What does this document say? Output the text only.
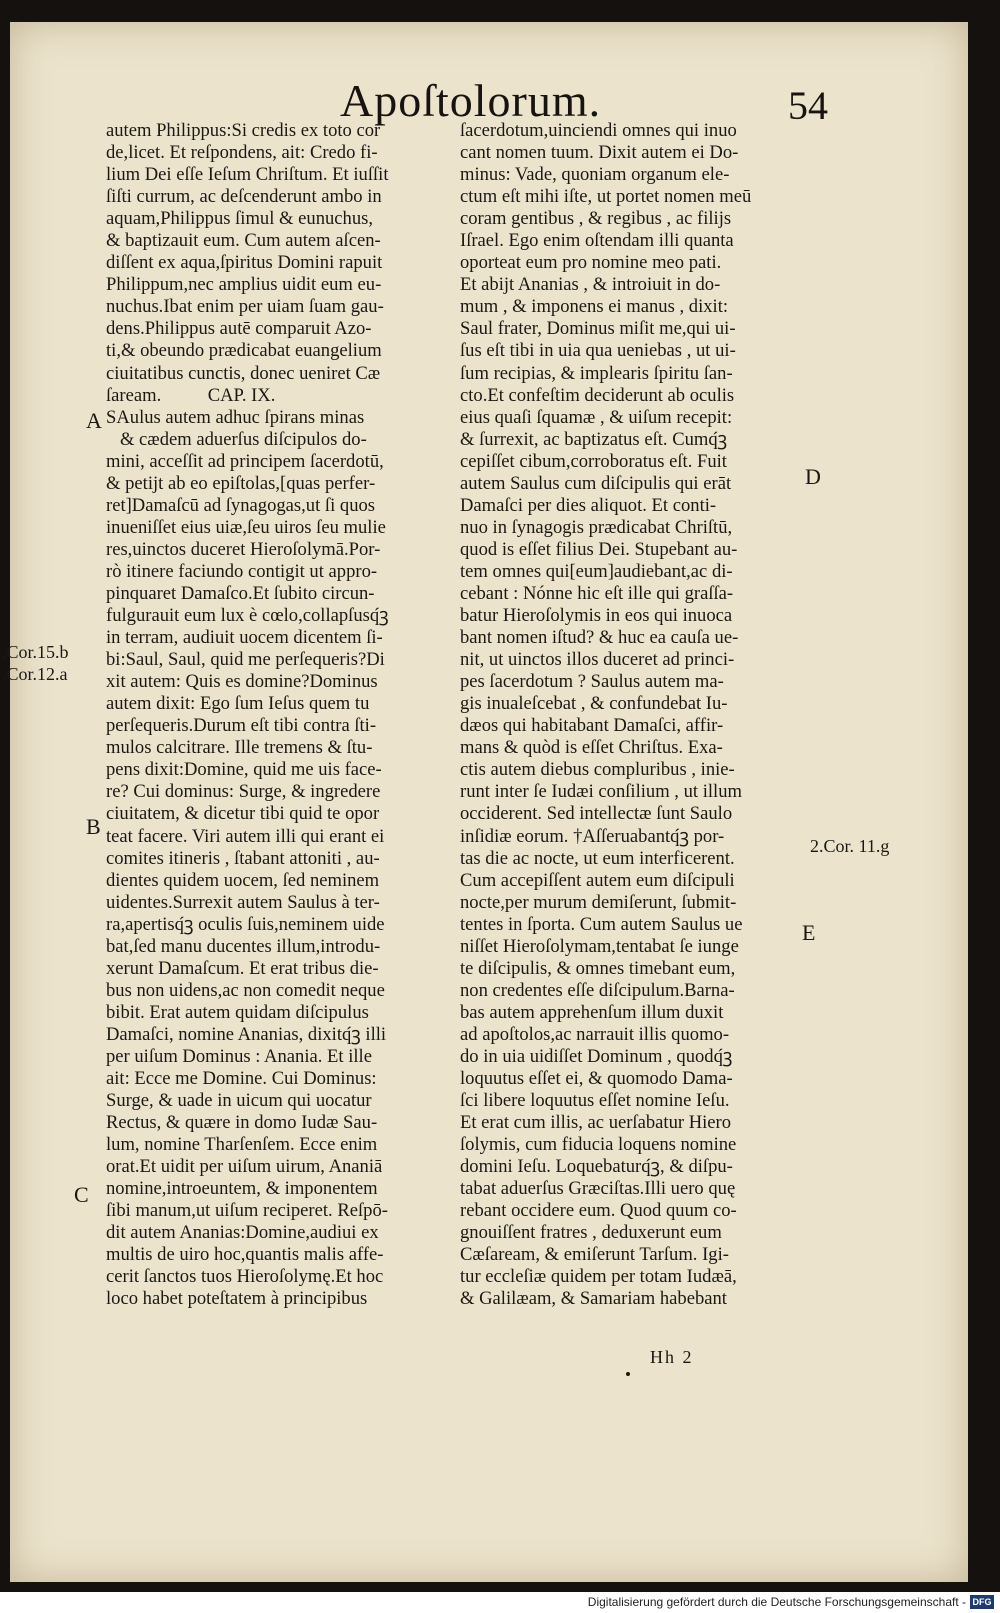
Apoſtolorum.	54
autem Philippus:Si credis ex toto cor
de,licet. Et reſpondens, ait: Credo fi-
lium Dei eſſe Ieſum Chriſtum. Et iuſſit
ſiſti currum, ac deſcenderunt ambo in
aquam,Philippus ſimul & eunuchus,
& baptizauit eum. Cum autem aſcen-
diſſent ex aqua,ſpiritus Domini rapuit
Philippum,nec amplius uidit eum eu-
nuchus.Ibat enim per uiam ſuam gau-
dens.Philippus autē comparuit Azo-
ti,& obeundo prædicabat euangelium
ciuitatibus cunctis, donec ueniret Cæ
ſaream.          CAP. IX.
SAulus autem adhuc ſpirans minas
& cædem aduerſus diſcipulos do-
mini, acceſſit ad principem ſacerdotū,
& petijt ab eo epiſtolas,[quas perfer-
ret]Damaſcū ad ſynagogas,ut ſi quos
inueniſſet eius uiæ,ſeu uiros ſeu mulie
res,uinctos duceret Hieroſolymā.Por-
rò itinere faciundo contigit ut appro-
pinquaret Damaſco.Et ſubito circun-
fulgurauit eum lux è cœlo,collapſusq́ꝫ
in terram, audiuit uocem dicentem ſi-
bi:Saul, Saul, quid me perſequeris?Di
xit autem: Quis es domine?Dominus
autem dixit: Ego ſum Ieſus quem tu
perſequeris.Durum eſt tibi contra ſti-
mulos calcitrare. Ille tremens & ſtu-
pens dixit:Domine, quid me uis face-
re? Cui dominus: Surge, & ingredere
ciuitatem, & dicetur tibi quid te opor
teat facere. Viri autem illi qui erant ei
comites itineris , ſtabant attoniti , au-
dientes quidem uocem, ſed neminem
uidentes.Surrexit autem Saulus à ter-
ra,apertisq́ꝫ oculis ſuis,neminem uide
bat,ſed manu ducentes illum,introdu-
xerunt Damaſcum. Et erat tribus die-
bus non uidens,ac non comedit neque
bibit. Erat autem quidam diſcipulus
Damaſci, nomine Ananias, dixitq́ꝫ illi
per uiſum Dominus : Anania. Et ille
ait: Ecce me Domine. Cui Dominus:
Surge, & uade in uicum qui uocatur
Rectus, & quære in domo Iudæ Sau-
lum, nomine Tharſenſem. Ecce enim
orat.Et uidit per uiſum uirum, Ananiā
nomine,introeuntem, & imponentem
ſibi manum,ut uiſum reciperet. Reſpō-
dit autem Ananias:Domine,audiui ex
multis de uiro hoc,quantis malis affe-
cerit ſanctos tuos Hieroſolymę.Et hoc
loco habet poteſtatem à principibus
ſacerdotum,uinciendi omnes qui inuo
cant nomen tuum. Dixit autem ei Do-
minus: Vade, quoniam organum ele-
ctum eſt mihi iſte, ut portet nomen meū
coram gentibus , & regibus , ac filijs
Iſrael. Ego enim oſtendam illi quanta
oporteat eum pro nomine meo pati.
Et abijt Ananias , & introiuit in do-
mum , & imponens ei manus , dixit:
Saul frater, Dominus miſit me,qui ui-
ſus eſt tibi in uia qua ueniebas , ut ui-
ſum recipias, & implearis ſpiritu ſan-
cto.Et confeſtim deciderunt ab oculis
eius quaſi ſquamæ , & uiſum recepit:
& ſurrexit, ac baptizatus eſt. Cumq́ꝫ
cepiſſet cibum,corroboratus eſt. Fuit
autem Saulus cum diſcipulis qui erāt
Damaſci per dies aliquot. Et conti-
nuo in ſynagogis prædicabat Chriſtū,
quod is eſſet filius Dei. Stupebant au-
tem omnes qui[eum]audiebant,ac di-
cebant : Nónne hic eſt ille qui graſſa-
batur Hieroſolymis in eos qui inuoca
bant nomen iſtud? & huc ea cauſa ue-
nit, ut uinctos illos duceret ad princi-
pes ſacerdotum ? Saulus autem ma-
gis inualeſcebat , & confundebat Iu-
dæos qui habitabant Damaſci, affir-
mans & quòd is eſſet Chriſtus. Exa-
ctis autem diebus compluribus , inie-
runt inter ſe Iudæi conſilium , ut illum
occiderent. Sed intellectæ ſunt Saulo
inſidiæ eorum. †Aſſeruabantq́ꝫ por-
tas die ac nocte, ut eum interficerent.
Cum accepiſſent autem eum diſcipuli
nocte,per murum demiſerunt, ſubmit-
tentes in ſporta. Cum autem Saulus ue
niſſet Hieroſolymam,tentabat ſe iunge
te diſcipulis, & omnes timebant eum,
non credentes eſſe diſcipulum.Barna-
bas autem apprehenſum illum duxit
ad apoſtolos,ac narrauit illis quomo-
do in uia uidiſſet Dominum , quodq́ꝫ
loquutus eſſet ei, & quomodo Dama-
ſci libere loquutus eſſet nomine Ieſu.
Et erat cum illis, ac uerſabatur Hiero
ſolymis, cum fiducia loquens nomine
domini Ieſu. Loquebaturq́ꝫ, & diſpu-
tabat aduerſus Græciſtas.Illi uero quę
rebant occidere eum. Quod quum co-
gnouiſſent fratres , deduxerunt eum
Cæſaream, & emiſerunt Tarſum. Igi-
tur eccleſiæ quidem per totam Iudæā,
& Galilæam, & Samariam habebant
A
B
C
D
E
.Cor.15.b
.Cor.12.a
2.Cor. 11.g
Hh 2
Digitalisierung gefördert durch die Deutsche Forschungsgemeinschaft - DFG
